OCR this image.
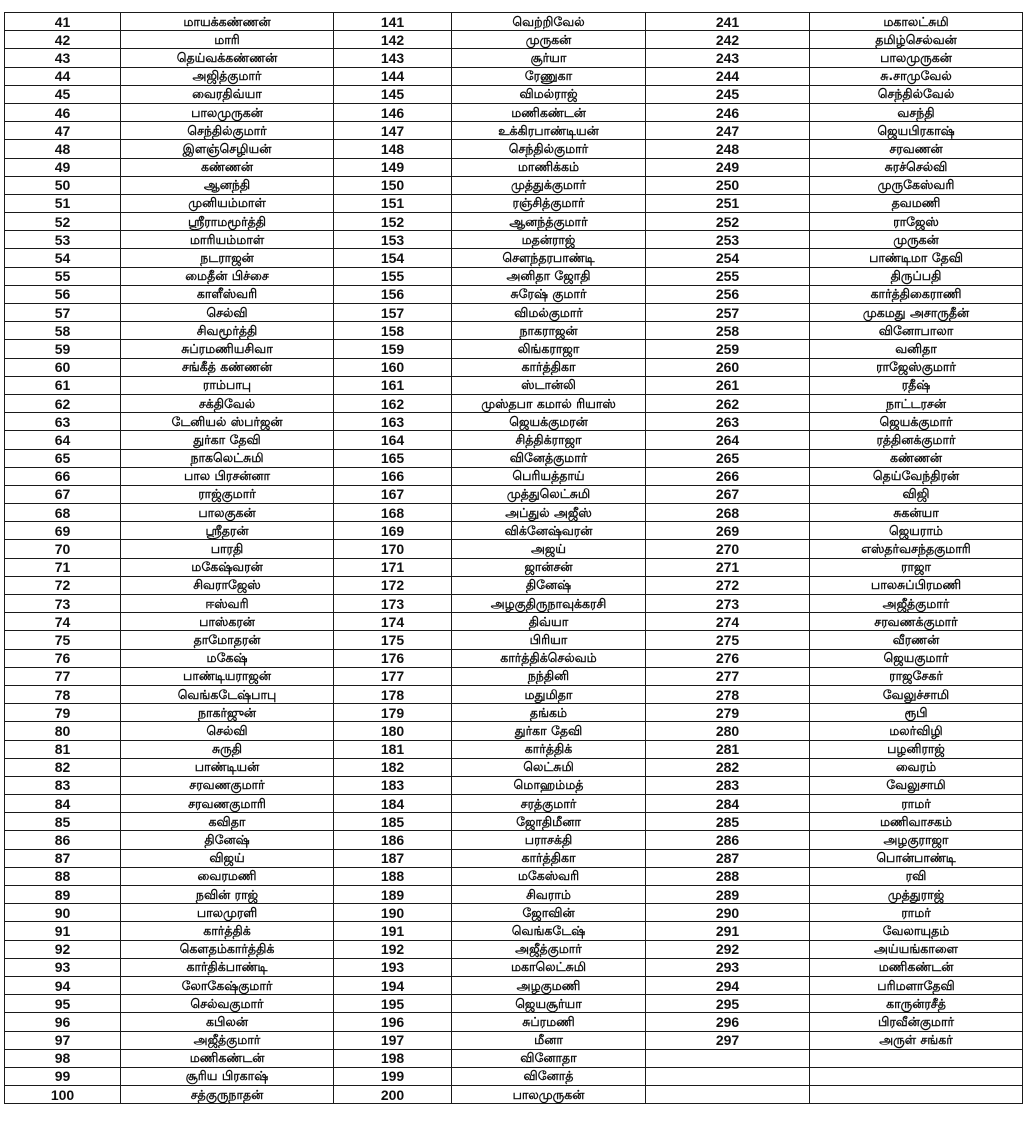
41	மாயக்கண்ணன்	141	வெற்றிவேல்	241	மகாலட்சுமி
42	மாரி	142	முருகன்	242	தமிழ்செல்வன்
43	தெய்வக்கண்ணன்	143	சூர்யா	243	பாலமுருகன்
44	அஜித்குமார்	144	ரேணுகா	244	சு.சாமுவேல்
45	வைரதிவ்யா	145	விமல்ராஜ்	245	செந்தில்வேல்
46	பாலமுருகன்	146	மணிகண்டன்	246	வசந்தி
47	செந்தில்குமார்	147	உக்கிரபாண்டியன்	247	ஜெயபிரகாஷ்
48	இளஞ்செழியன்	148	செந்தில்குமார்	248	சரவணன்
49	கண்ணன்	149	மாணிக்கம்	249	சுரச்செல்வி
50	ஆனந்தி	150	முத்துக்குமார்	250	முருகேஸ்வரி
51	முனியம்மாள்	151	ரஞ்சித்குமார்	251	தவமணி
52	ஸ்ரீராமமூர்த்தி	152	ஆனந்த்குமார்	252	ராஜேஸ்
53	மாரியம்மாள்	153	மதன்ராஜ்	253	முருகன்
54	நடராஜன்	154	சௌந்தரபாண்டி	254	பாண்டிமா தேவி
55	மைதீன் பிச்சை	155	அனிதா ஜோதி	255	திருப்பதி
56	காளீஸ்வரி	156	சுரேஷ் குமார்	256	கார்த்திகைராணி
57	செல்வி	157	விமல்குமார்	257	முகமது அசாருதீன்
58	சிவமூர்த்தி	158	நாகராஜன்	258	வினோபாலா
59	சுப்ரமணியசிவா	159	லிங்கராஜா	259	வனிதா
60	சங்கீத் கண்ணன்	160	கார்த்திகா	260	ராஜேஸ்குமார்
61	ராம்பாபு	161	ஸ்டான்லி	261	ரதீஷ்
62	சக்திவேல்	162	முஸ்தபா கமால் ரியாஸ்	262	நாட்டரசன்
63	டேனியல் ஸ்பர்ஜன்	163	ஜெயக்குமரன்	263	ஜெயக்குமார்
64	துர்கா தேவி	164	சித்திக்ராஜா	264	ரத்தினக்குமார்
65	நாகலெட்சுமி	165	வினேத்குமார்	265	கண்ணன்
66	பால பிரசன்னா	166	பெரியத்தாய்	266	தெய்வேந்திரன்
67	ராஜ்குமார்	167	முத்துலெட்சுமி	267	விஜி
68	பாலகுகன்	168	அப்துல் அஜீஸ்	268	சுகன்யா
69	ஸ்ரீதரன்	169	விக்னேஷ்வரன்	269	ஜெயராம்
70	பாரதி	170	அஜய்	270	எஸ்தர்வசந்தகுமாரி
71	மகேஷ்வரன்	171	ஜான்சன்	271	ராஜா
72	சிவராஜேஸ்	172	தினேஷ்	272	பாலசுப்பிரமணி
73	ஈஸ்வரி	173	அழகுதிருநாவுக்கரசி	273	அஜீத்குமார்
74	பாஸ்கரன்	174	திவ்யா	274	சரவணக்குமார்
75	தாமோதரன்	175	பிரியா	275	வீரணன்
76	மகேஷ்	176	கார்த்திக்செல்வம்	276	ஜெயகுமார்
77	பாண்டியராஜன்	177	நந்தினி	277	ராஜசேகர்
78	வெங்கடேஷ்பாபு	178	மதுமிதா	278	வேலுச்சாமி
79	நாகர்ஜுன்	179	தங்கம்	279	ரூபி
80	செல்வி	180	துர்கா தேவி	280	மலர்விழி
81	சுருதி	181	கார்த்திக்	281	பழனிராஜ்
82	பாண்டியன்	182	லெட்சுமி	282	வைரம்
83	சரவணகுமார்	183	மொஹம்மத்	283	வேலுசாமி
84	சரவணகுமாரி	184	சரத்குமார்	284	ராமர்
85	கவிதா	185	ஜோதிமீனா	285	மணிவாசகம்
86	தினேஷ்	186	பராசக்தி	286	அழகுராஜா
87	விஜய்	187	கார்த்திகா	287	பொன்பாண்டி
88	வைரமணி	188	மகேஸ்வரி	288	ரவி
89	நவின் ராஜ்	189	சிவராம்	289	முத்துராஜ்
90	பாலமுரளி	190	ஜோவின்	290	ராமர்
91	கார்த்திக்	191	வெங்கடேஷ்	291	வேலாயுதம்
92	கௌதம்கார்த்திக்	192	அஜீத்குமார்	292	அய்யங்காளை
93	கார்திக்பாண்டி	193	மகாலெட்சுமி	293	மணிகண்டன்
94	லோகேஷ்குமார்	194	அழகுமணி	294	பரிமளாதேவி
95	செல்வகுமார்	195	ஜெயசூர்யா	295	காருன்ரசீத்
96	கபிலன்	196	சுப்ரமணி	296	பிரவீன்குமார்
97	அஜீத்குமார்	197	மீனா	297	அருள் சங்கர்
98	மணிகண்டன்	198	வினோதா		
99	சூரிய பிரகாஷ்	199	வினோத்		
100	சத்குருநாதன்	200	பாலமுருகன்		
